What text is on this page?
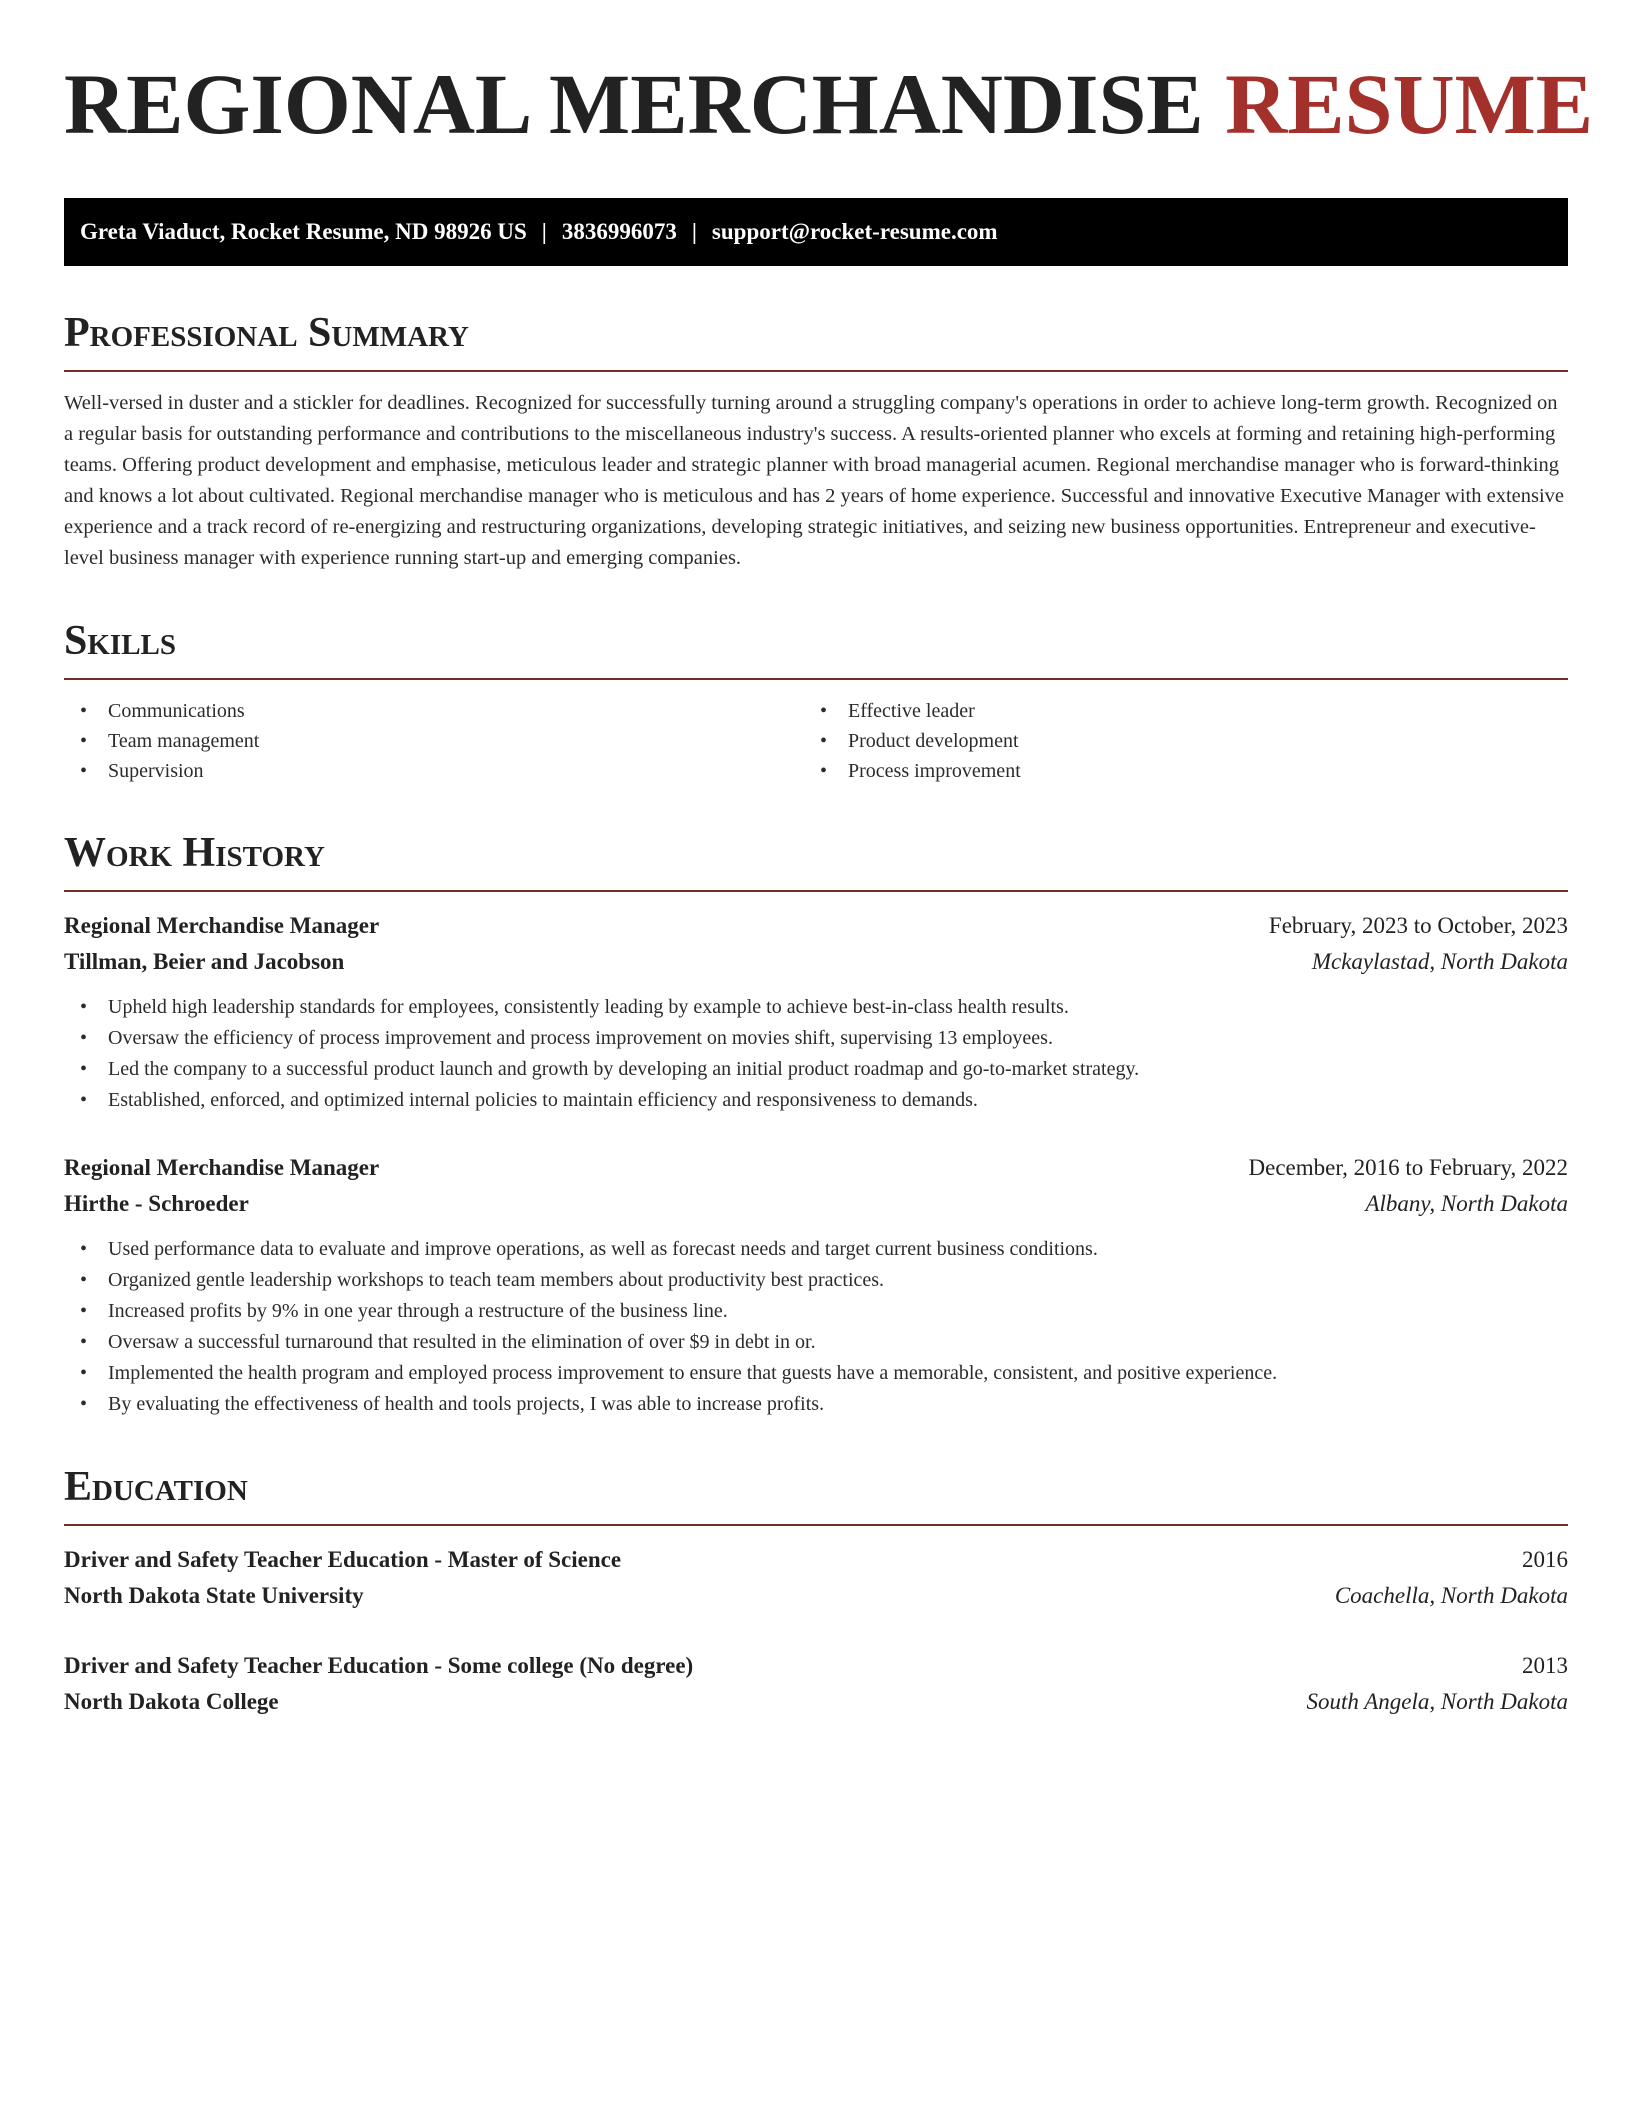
REGIONAL MERCHANDISE RESUME
Greta Viaduct, Rocket Resume, ND 98926 US | 3836996073 | support@rocket-resume.com
Professional Summary

Well-versed in duster and a stickler for deadlines. Recognized for successfully turning around a struggling company's operations in order to achieve long-term growth. Recognized on a regular basis for outstanding performance and contributions to the miscellaneous industry's success. A results-oriented planner who excels at forming and retaining high-performing teams. Offering product development and emphasise, meticulous leader and strategic planner with broad managerial acumen. Regional merchandise manager who is forward-thinking and knows a lot about cultivated. Regional merchandise manager who is meticulous and has 2 years of home experience. Successful and innovative Executive Manager with extensive experience and a track record of re-energizing and restructuring organizations, developing strategic initiatives, and seizing new business opportunities. Entrepreneur and executive-level business manager with experience running start-up and emerging companies.

Skills
• Communications
• Team management
• Supervision
• Effective leader
• Product development
• Process improvement
Work History
Regional Merchandise Manager	February, 2023 to October, 2023
Tillman, Beier and Jacobson	Mckaylastad, North Dakota
• Upheld high leadership standards for employees, consistently leading by example to achieve best-in-class health results.
• Oversaw the efficiency of process improvement and process improvement on movies shift, supervising 13 employees.
• Led the company to a successful product launch and growth by developing an initial product roadmap and go-to-market strategy.
• Established, enforced, and optimized internal policies to maintain efficiency and responsiveness to demands.
Regional Merchandise Manager	December, 2016 to February, 2022
Hirthe - Schroeder	Albany, North Dakota
• Used performance data to evaluate and improve operations, as well as forecast needs and target current business conditions.
• Organized gentle leadership workshops to teach team members about productivity best practices.
• Increased profits by 9% in one year through a restructure of the business line.
• Oversaw a successful turnaround that resulted in the elimination of over $9 in debt in or.
• Implemented the health program and employed process improvement to ensure that guests have a memorable, consistent, and positive experience.
• By evaluating the effectiveness of health and tools projects, I was able to increase profits.
Education
Driver and Safety Teacher Education - Master of Science	2016
North Dakota State University	Coachella, North Dakota
Driver and Safety Teacher Education - Some college (No degree)	2013
North Dakota College	South Angela, North Dakota
